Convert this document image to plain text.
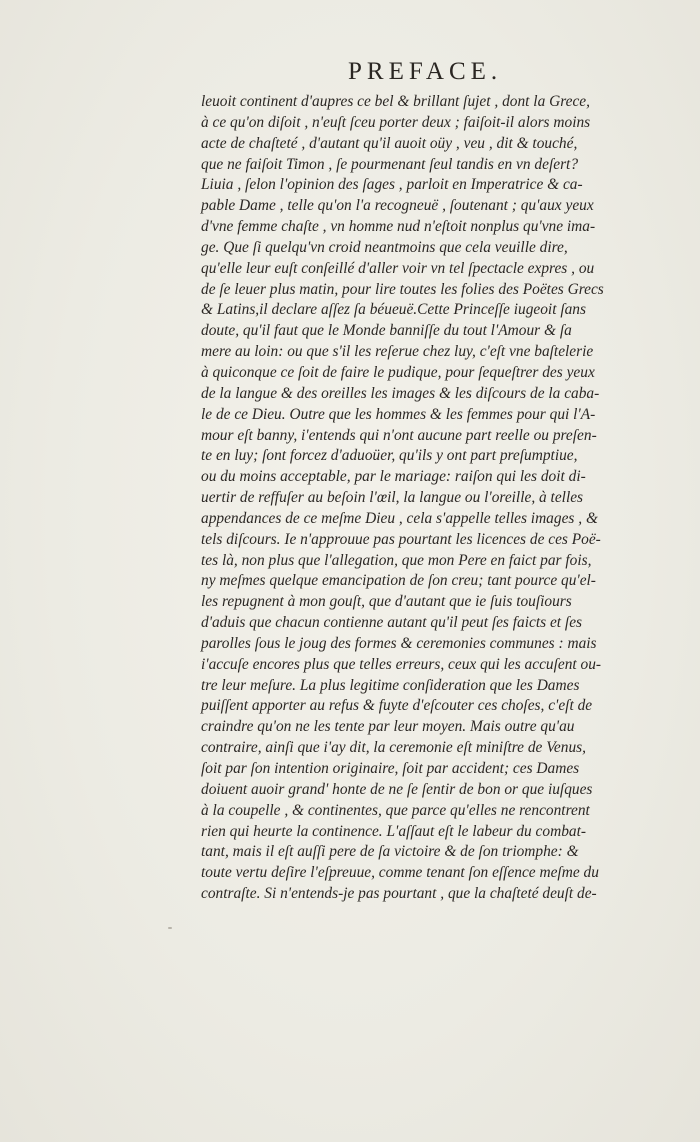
PREFACE.
leuoit continent d'aupres ce bel & brillant ſujet , dont la Grece,
à ce qu'on diſoit , n'euſt ſceu porter deux ; faiſoit-il alors moins
acte de chaſteté , d'autant qu'il auoit oüy , veu , dit & touché,
que ne faiſoit Timon , ſe pourmenant ſeul tandis en vn deſert?
Liuia , ſelon l'opinion des ſages , parloit en Imperatrice & ca-
pable Dame , telle qu'on l'a recogneuë , ſoutenant ; qu'aux yeux
d'vne femme chaſte , vn homme nud n'eſtoit nonplus qu'vne ima-
ge. Que ſi quelqu'vn croid neantmoins que cela veuille dire,
qu'elle leur euſt conſeillé d'aller voir vn tel ſpectacle expres , ou
de ſe leuer plus matin, pour lire toutes les folies des Poëtes Grecs
& Latins,il declare aſſez ſa béueuë.Cette Princeſſe iugeoit ſans
doute, qu'il faut que le Monde banniſſe du tout l'Amour & ſa
mere au loin: ou que s'il les reſerue chez luy, c'eſt vne baſtelerie
à quiconque ce ſoit de faire le pudique, pour ſequeſtrer des yeux
de la langue & des oreilles les images & les diſcours de la caba-
le de ce Dieu. Outre que les hommes & les femmes pour qui l'A-
mour eſt banny, i'entends qui n'ont aucune part reelle ou preſen-
te en luy; ſont forcez d'aduoüer, qu'ils y ont part preſumptiue,
ou du moins acceptable, par le mariage: raiſon qui les doit di-
uertir de reffuſer au beſoin l'œil, la langue ou l'oreille, à telles
appendances de ce meſme Dieu , cela s'appelle telles images , &
tels diſcours. Ie n'approuue pas pourtant les licences de ces Poë-
tes là, non plus que l'allegation, que mon Pere en faict par fois,
ny meſmes quelque emancipation de ſon creu; tant pource qu'el-
les repugnent à mon gouſt, que d'autant que ie ſuis touſiours
d'aduis que chacun contienne autant qu'il peut ſes faicts et ſes
parolles ſous le joug des formes & ceremonies communes : mais
i'accuſe encores plus que telles erreurs, ceux qui les accuſent ou-
tre leur meſure. La plus legitime conſideration que les Dames
puiſſent apporter au refus & fuyte d'eſcouter ces choſes, c'eſt de
craindre qu'on ne les tente par leur moyen. Mais outre qu'au
contraire, ainſi que i'ay dit, la ceremonie eſt miniſtre de Venus,
ſoit par ſon intention originaire, ſoit par accident; ces Dames
doiuent auoir grand' honte de ne ſe ſentir de bon or que iuſques
à la coupelle , & continentes, que parce qu'elles ne rencontrent
rien qui heurte la continence. L'aſſaut eſt le labeur du combat-
tant, mais il eſt auſſi pere de ſa victoire & de ſon triomphe: &
toute vertu deſire l'eſpreuue, comme tenant ſon eſſence meſme du
contraſte. Si n'entends-je pas pourtant , que la chaſteté deuſt de-
